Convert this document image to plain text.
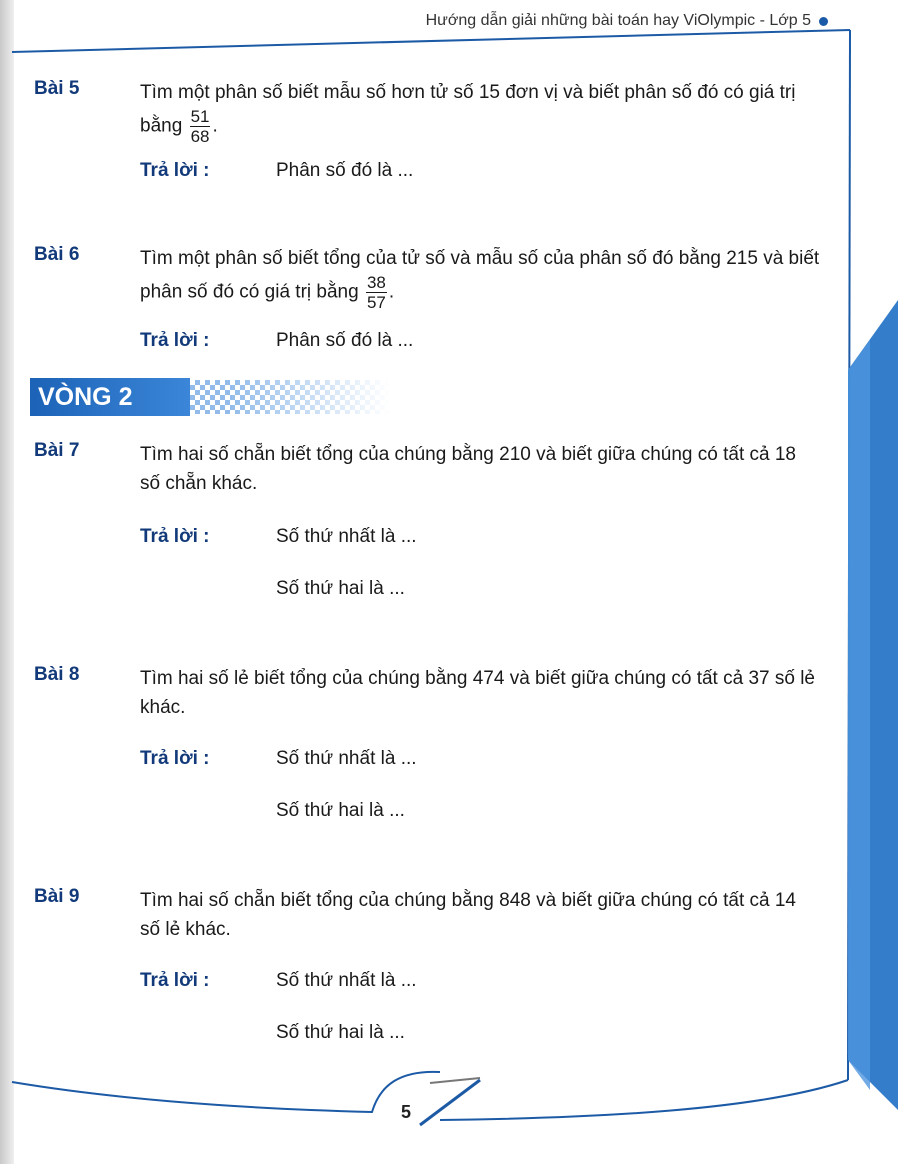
Hướng dẫn giải những bài toán hay ViOlympic - Lớp 5
Bài 5	Tìm một phân số biết mẫu số hơn tử số 15 đơn vị và biết phân số đó có giá trị bằng $\frac{51}{68}$ .
Trả lời :	Phân số đó là ...
Bài 6	Tìm một phân số biết tổng của tử số và mẫu số của phân số đó bằng 215 và biết phân số đó có giá trị bằng $\frac{38}{57}$ .
Trả lời :	Phân số đó là ...
VÒNG 2
Bài 7	Tìm hai số chẵn biết tổng của chúng bằng 210 và biết giữa chúng có tất cả 18 số chẵn khác.
Trả lời :	Số thứ nhất là ...
Số thứ hai là ...
Bài 8	Tìm hai số lẻ biết tổng của chúng bằng 474 và biết giữa chúng có tất cả 37 số lẻ khác.
Trả lời :	Số thứ nhất là ...
Số thứ hai là ...
Bài 9	Tìm hai số chẵn biết tổng của chúng bằng 848 và biết giữa chúng có tất cả 14 số lẻ khác.
Trả lời :	Số thứ nhất là ...
Số thứ hai là ...
5
